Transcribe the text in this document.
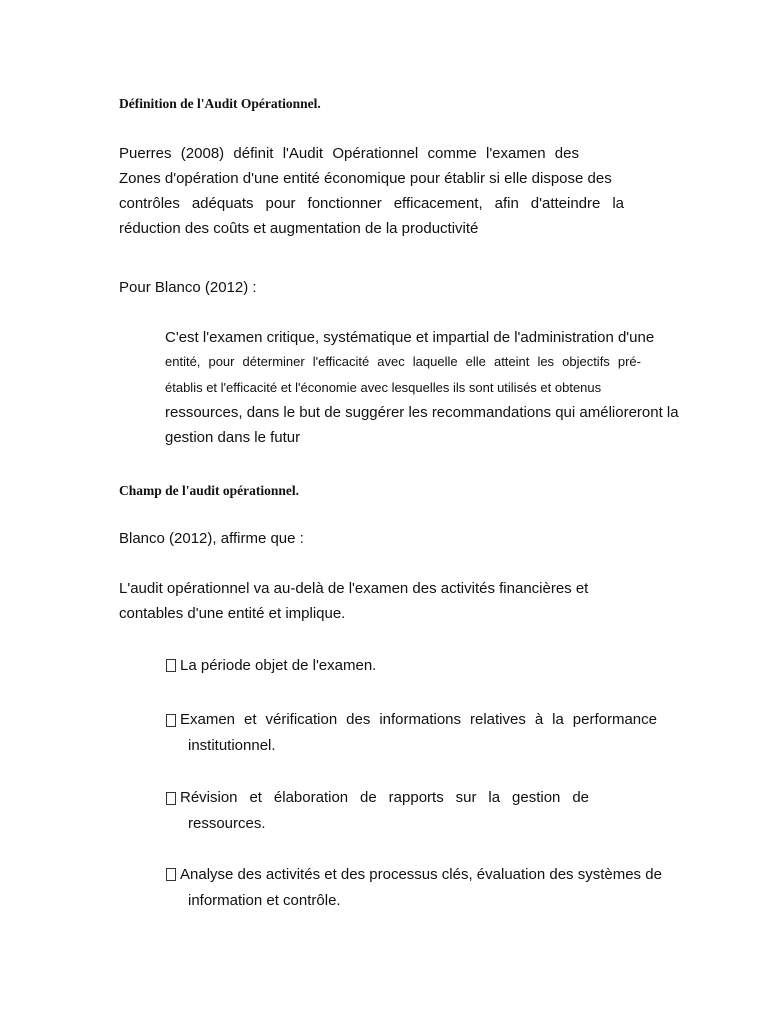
Définition de l'Audit Opérationnel.
Puerres (2008) définit l'Audit Opérationnel comme l'examen des
Zones d'opération d'une entité économique pour établir si elle dispose des
contrôles adéquats pour fonctionner efficacement, afin d'atteindre la
réduction des coûts et augmentation de la productivité
Pour Blanco (2012) :
C'est l'examen critique, systématique et impartial de l'administration d'une
entité, pour déterminer l'efficacité avec laquelle elle atteint les objectifs pré-
établis et l'efficacité et l'économie avec lesquelles ils sont utilisés et obtenus
ressources, dans le but de suggérer les recommandations qui amélioreront la
gestion dans le futur
Champ de l'audit opérationnel.
Blanco (2012), affirme que :
L'audit opérationnel va au-delà de l'examen des activités financières et
contables d'une entité et implique.
La période objet de l'examen.
Examen et vérification des informations relatives à la performance
institutionnel.
Révision et élaboration de rapports sur la gestion de
ressources.
Analyse des activités et des processus clés, évaluation des systèmes de
information et contrôle.
